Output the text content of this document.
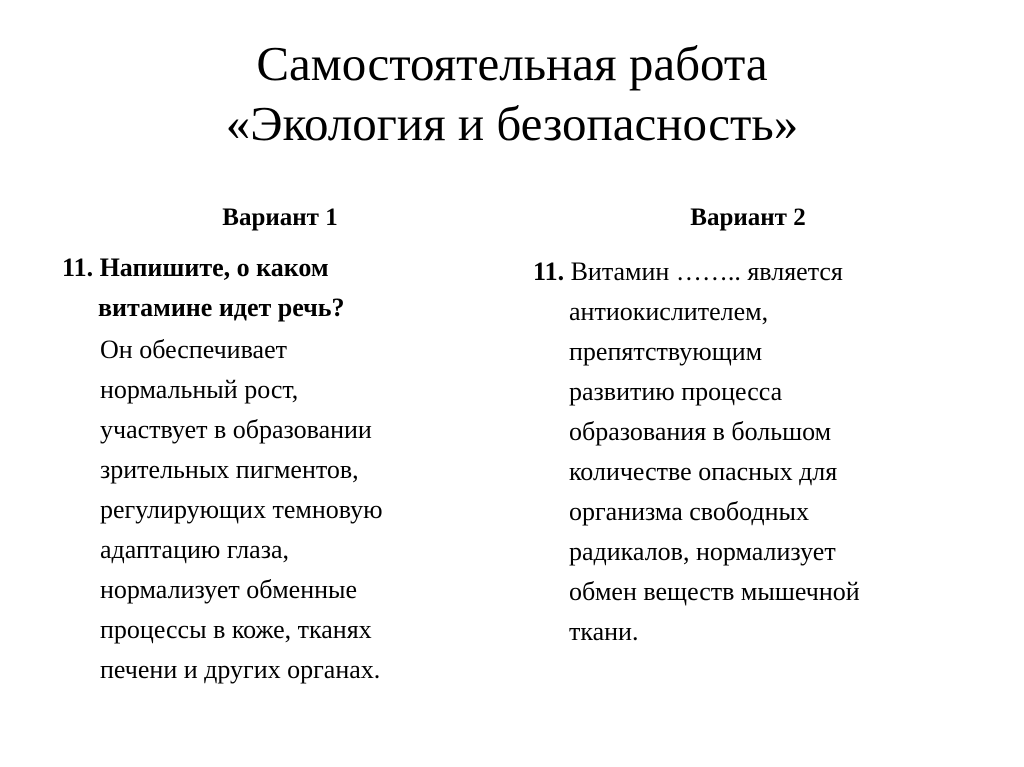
Самостоятельная работа
«Экология и безопасность»
Вариант 1	Вариант 2
11. Напишите, о каком
витамине идет речь?
Он обеспечивает
нормальный рост,
участвует в образовании
зрительных пигментов,
регулирующих темновую
адаптацию глаза,
нормализует обменные
процессы в коже, тканях
печени и других органах.
11. Витамин …….. является
антиокислителем,
препятствующим
развитию процесса
образования в большом
количестве опасных для
организма свободных
радикалов, нормализует
обмен веществ мышечной
ткани.
